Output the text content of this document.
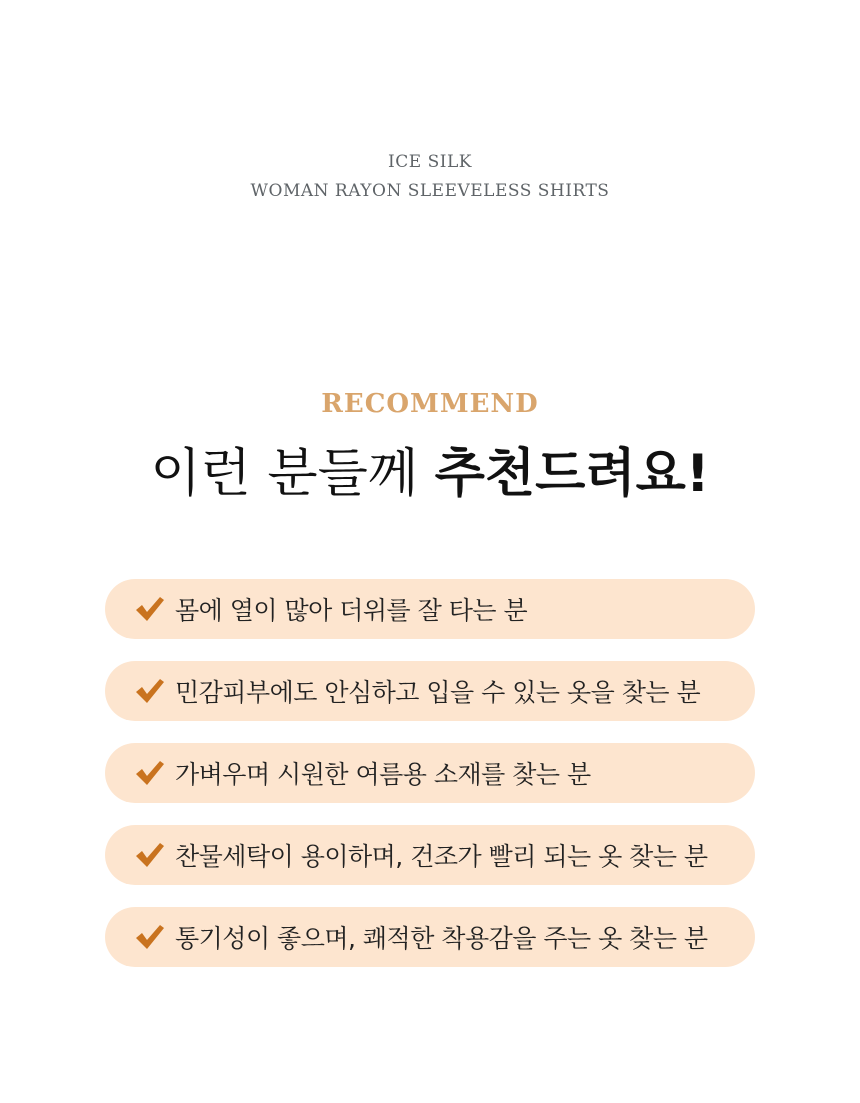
ICE SILK
WOMAN RAYON SLEEVELESS SHIRTS
RECOMMEND
이런 분들께 추천드려요!
몸에 열이 많아 더위를 잘 타는 분
민감피부에도 안심하고 입을 수 있는 옷을 찾는 분
가벼우며 시원한 여름용 소재를 찾는 분
찬물세탁이 용이하며, 건조가 빨리 되는 옷 찾는 분
통기성이 좋으며, 쾌적한 착용감을 주는 옷 찾는 분
